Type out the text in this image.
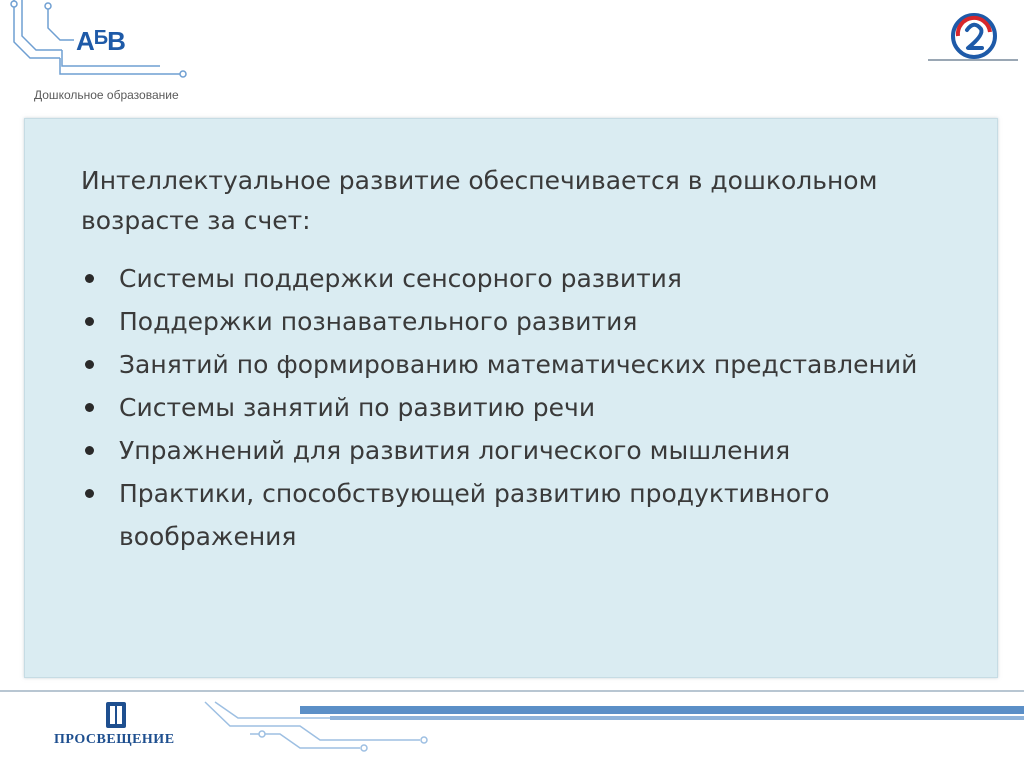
$А^БВ$
Дошкольное образование
Интеллектуальное развитие обеспечивается в дошкольном возрасте за счет:
Системы поддержки сенсорного развития
Поддержки познавательного развития
Занятий по формированию математических представлений
Системы занятий по развитию речи
Упражнений для развития логического мышления
Практики, способствующей развитию продуктивного воображения
ПРОСВЕЩЕНИЕ
